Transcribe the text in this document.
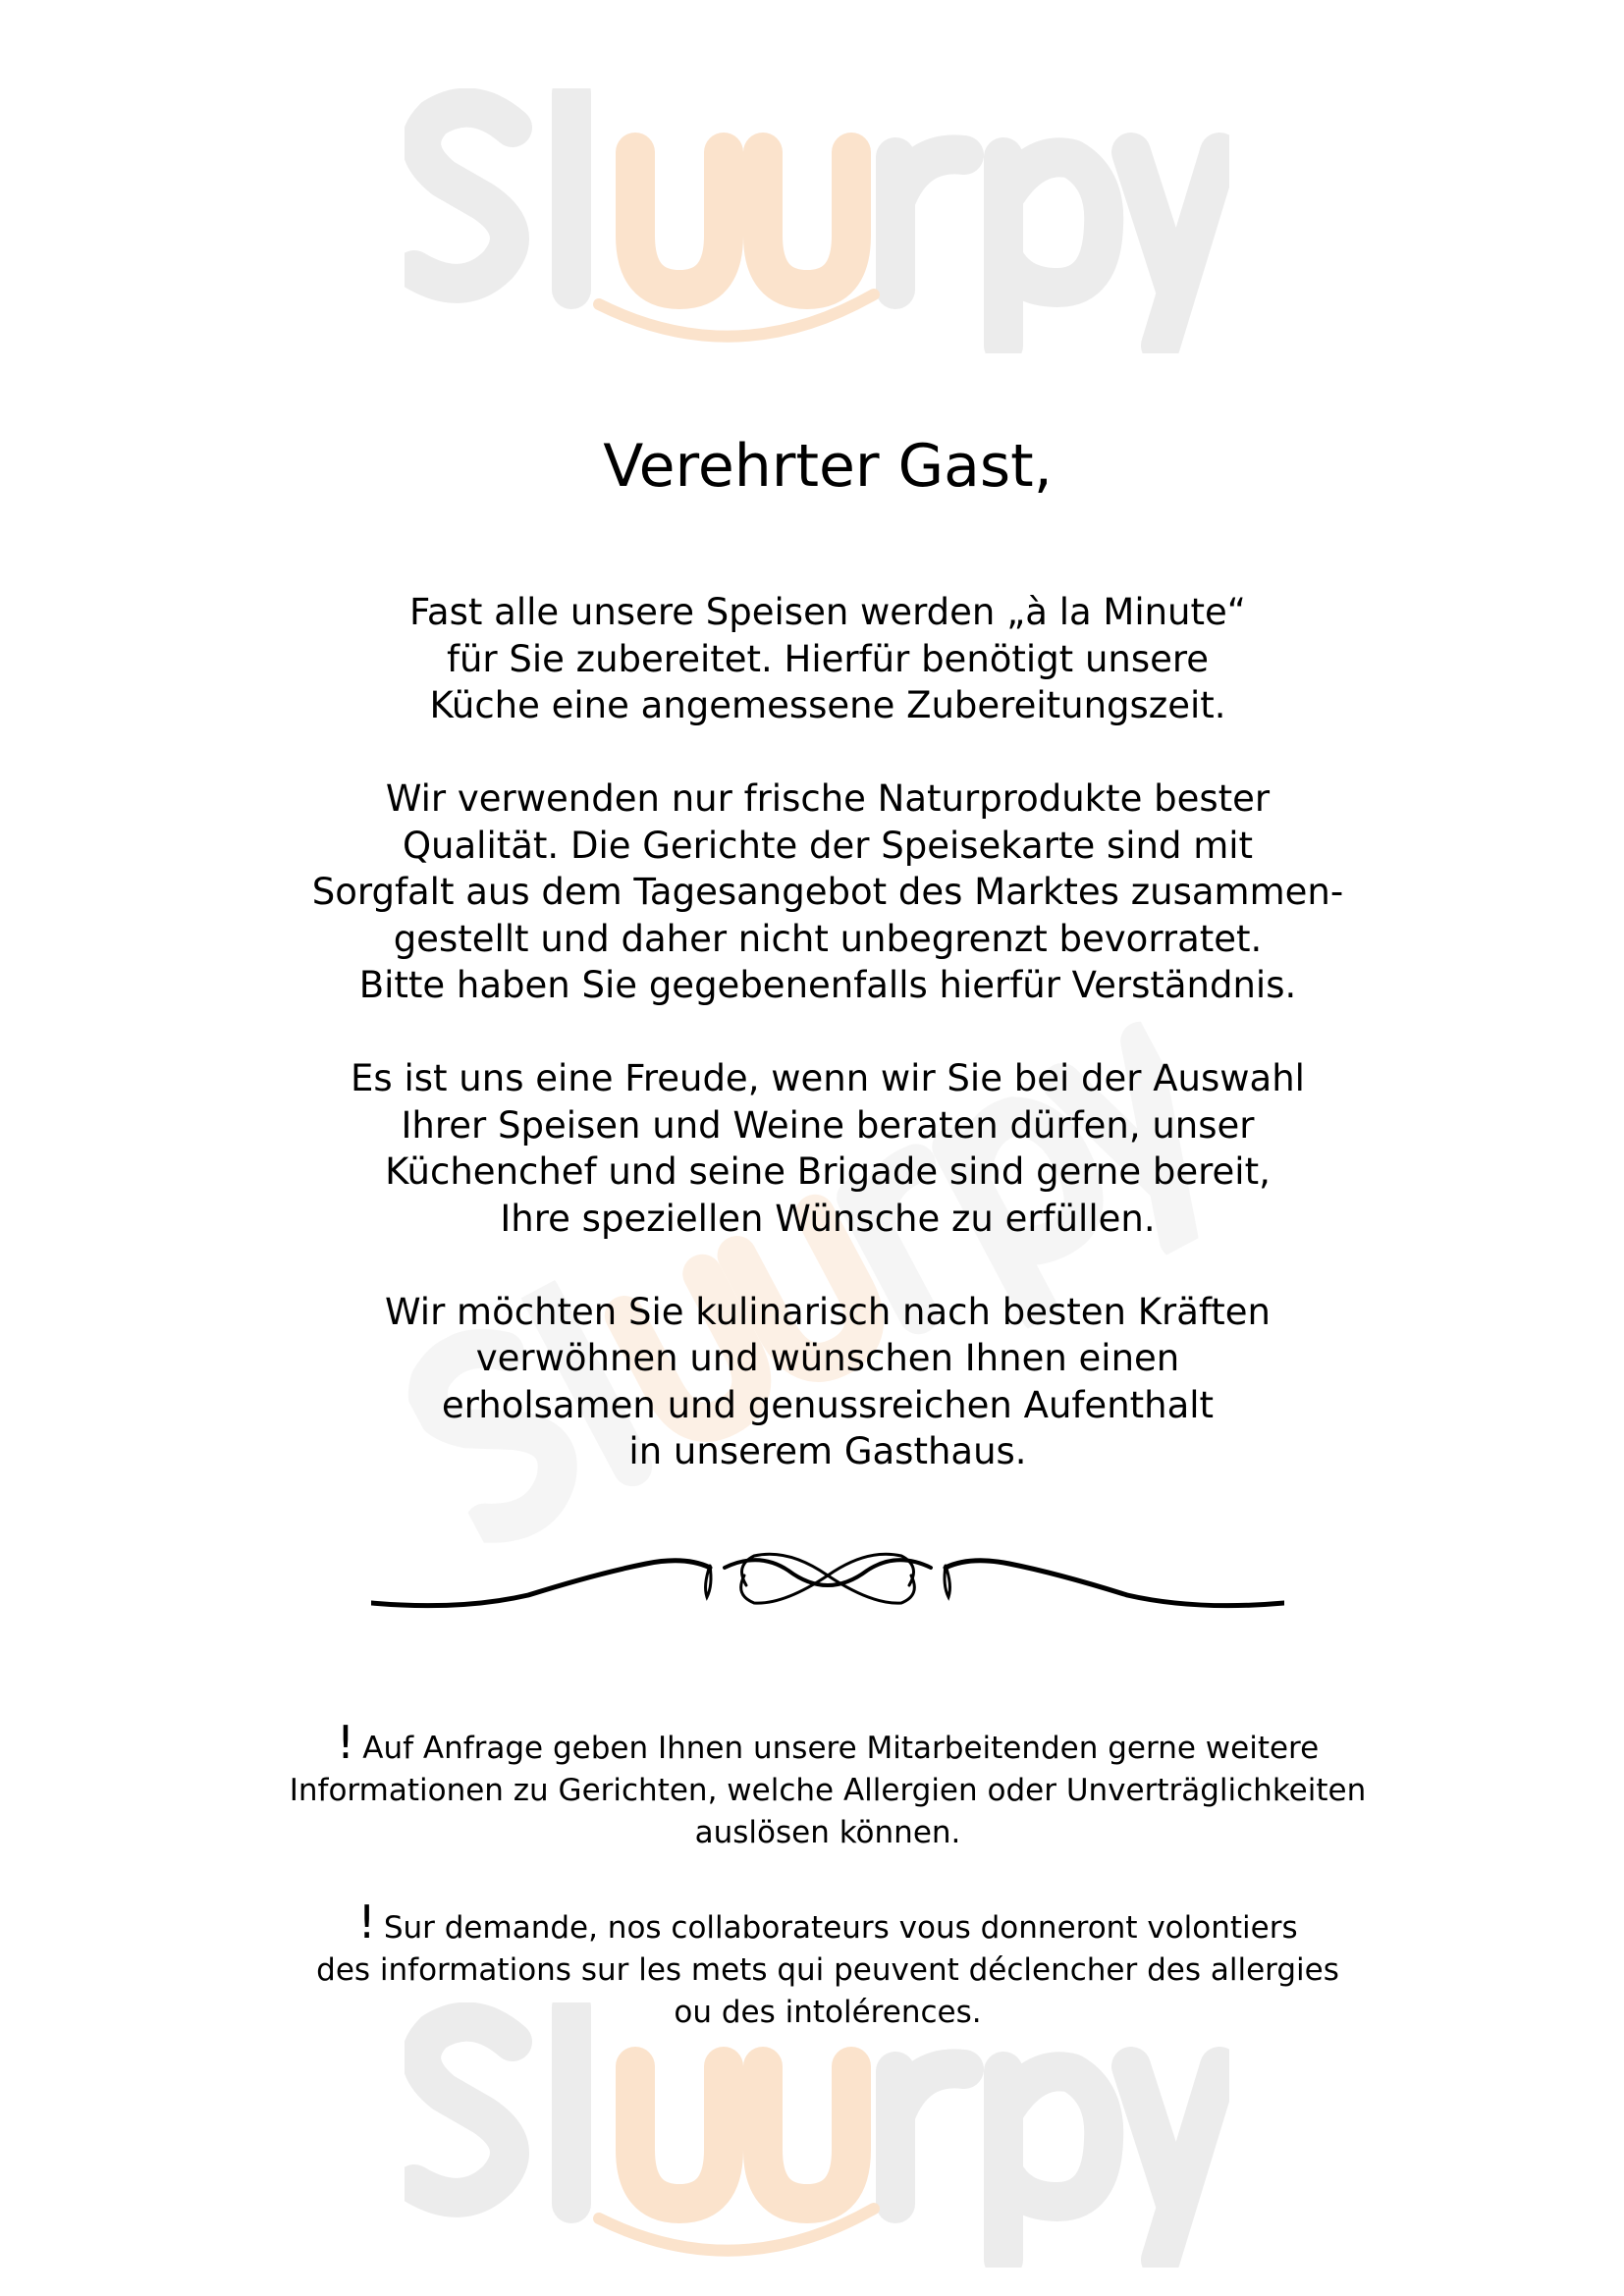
Verehrter Gast,

Fast alle unsere Speisen werden „à la Minute“
für Sie zubereitet. Hierfür benötigt unsere
Küche eine angemessene Zubereitungszeit.

Wir verwenden nur frische Naturprodukte bester
Qualität. Die Gerichte der Speisekarte sind mit
Sorgfalt aus dem Tagesangebot des Marktes zusammen-
gestellt und daher nicht unbegrenzt bevorratet.
Bitte haben Sie gegebenenfalls hierfür Verständnis.

Es ist uns eine Freude, wenn wir Sie bei der Auswahl
Ihrer Speisen und Weine beraten dürfen, unser
Küchenchef und seine Brigade sind gerne bereit,
Ihre speziellen Wünsche zu erfüllen.

Wir möchten Sie kulinarisch nach besten Kräften
verwöhnen und wünschen Ihnen einen
erholsamen und genussreichen Aufenthalt
in unserem Gasthaus.

! Auf Anfrage geben Ihnen unsere Mitarbeitenden gerne weitere
Informationen zu Gerichten, welche Allergien oder Unverträglichkeiten
auslösen können.

! Sur demande, nos collaborateurs vous donneront volontiers
des informations sur les mets qui peuvent déclencher des allergies
ou des intolérences.
